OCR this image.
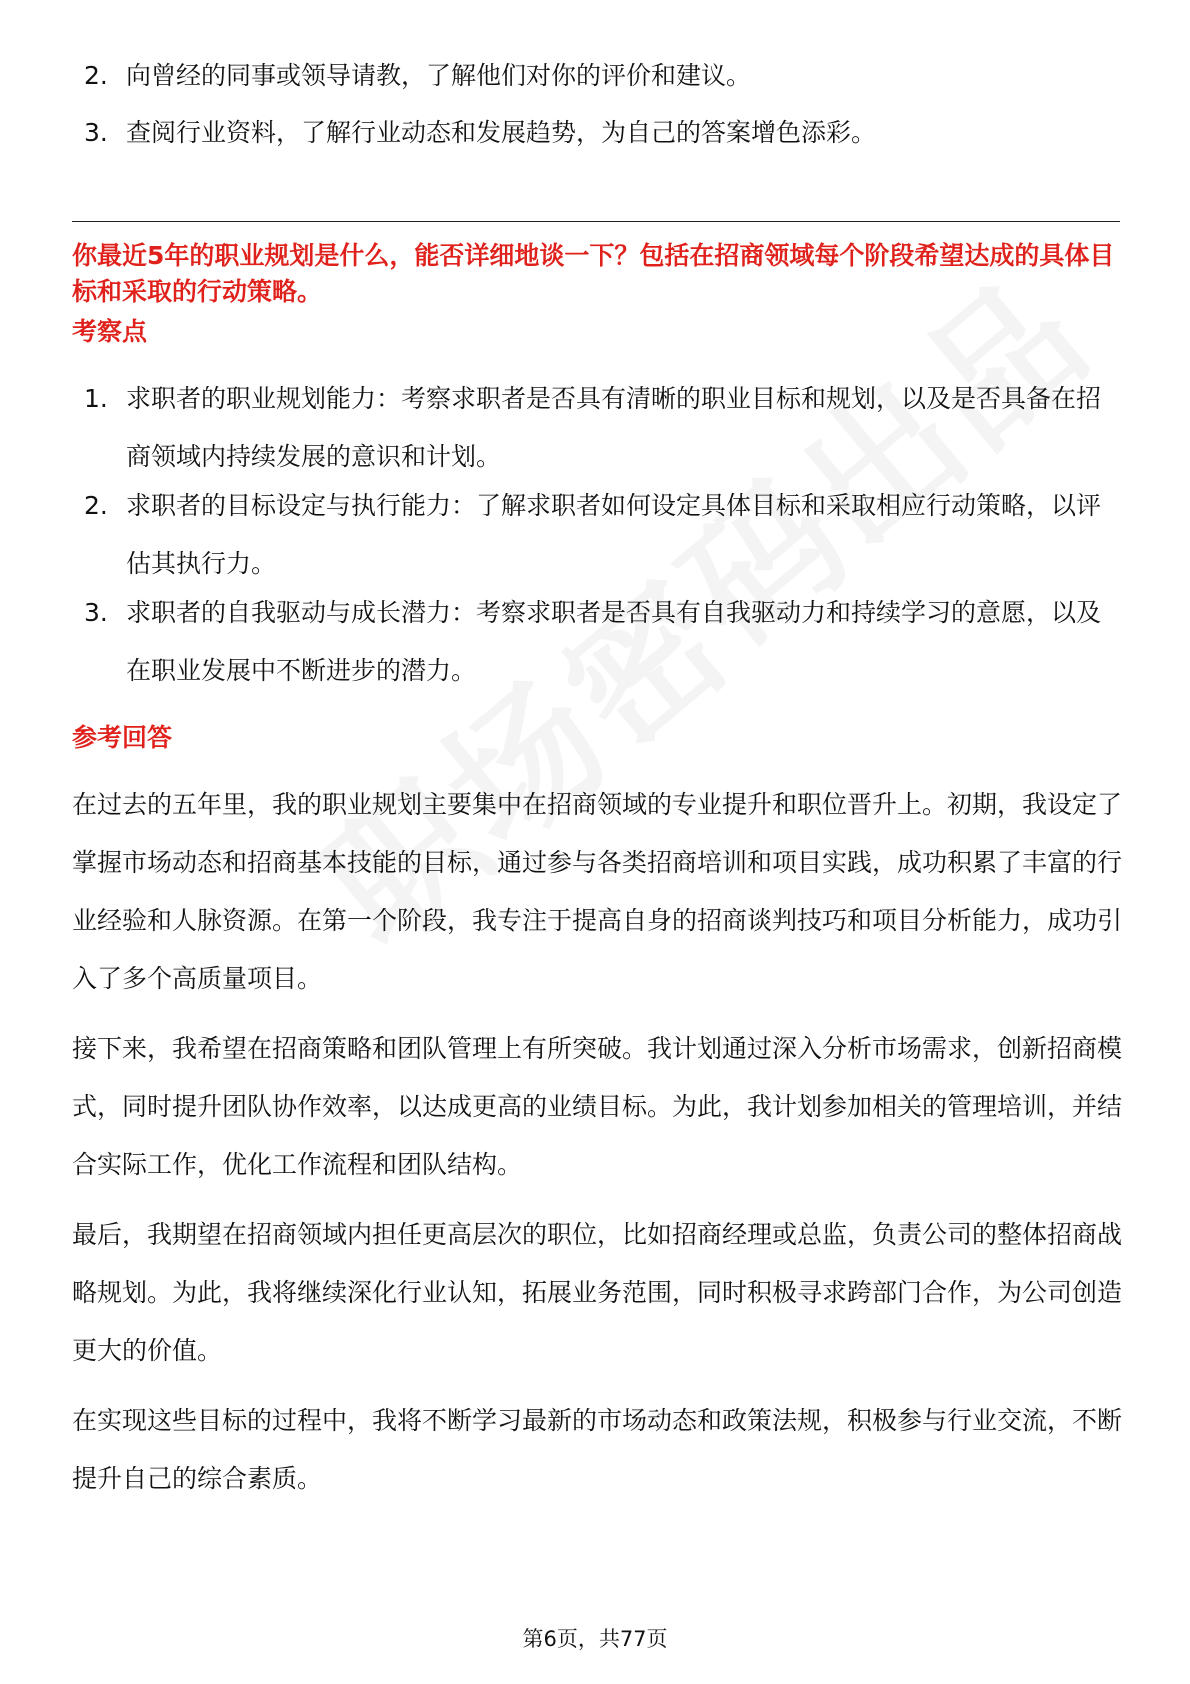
2. 向曾经的同事或领导请教，了解他们对你的评价和建议。
3. 查阅行业资料，了解行业动态和发展趋势，为自己的答案增色添彩。
你最近5年的职业规划是什么，能否详细地谈一下？包括在招商领域每个阶段希望达成的具体目标和采取的行动策略。
考察点
1. 求职者的职业规划能力：考察求职者是否具有清晰的职业目标和规划，以及是否具备在招商领域内持续发展的意识和计划。
2. 求职者的目标设定与执行能力：了解求职者如何设定具体目标和采取相应行动策略，以评估其执行力。
3. 求职者的自我驱动与成长潜力：考察求职者是否具有自我驱动力和持续学习的意愿，以及在职业发展中不断进步的潜力。
参考回答
在过去的五年里，我的职业规划主要集中在招商领域的专业提升和职位晋升上。初期，我设定了掌握市场动态和招商基本技能的目标，通过参与各类招商培训和项目实践，成功积累了丰富的行业经验和人脉资源。在第一个阶段，我专注于提高自身的招商谈判技巧和项目分析能力，成功引入了多个高质量项目。
接下来，我希望在招商策略和团队管理上有所突破。我计划通过深入分析市场需求，创新招商模式，同时提升团队协作效率，以达成更高的业绩目标。为此，我计划参加相关的管理培训，并结合实际工作，优化工作流程和团队结构。
最后，我期望在招商领域内担任更高层次的职位，比如招商经理或总监，负责公司的整体招商战略规划。为此，我将继续深化行业认知，拓展业务范围，同时积极寻求跨部门合作，为公司创造更大的价值。
在实现这些目标的过程中，我将不断学习最新的市场动态和政策法规，积极参与行业交流，不断提升自己的综合素质。
第6页，共77页
